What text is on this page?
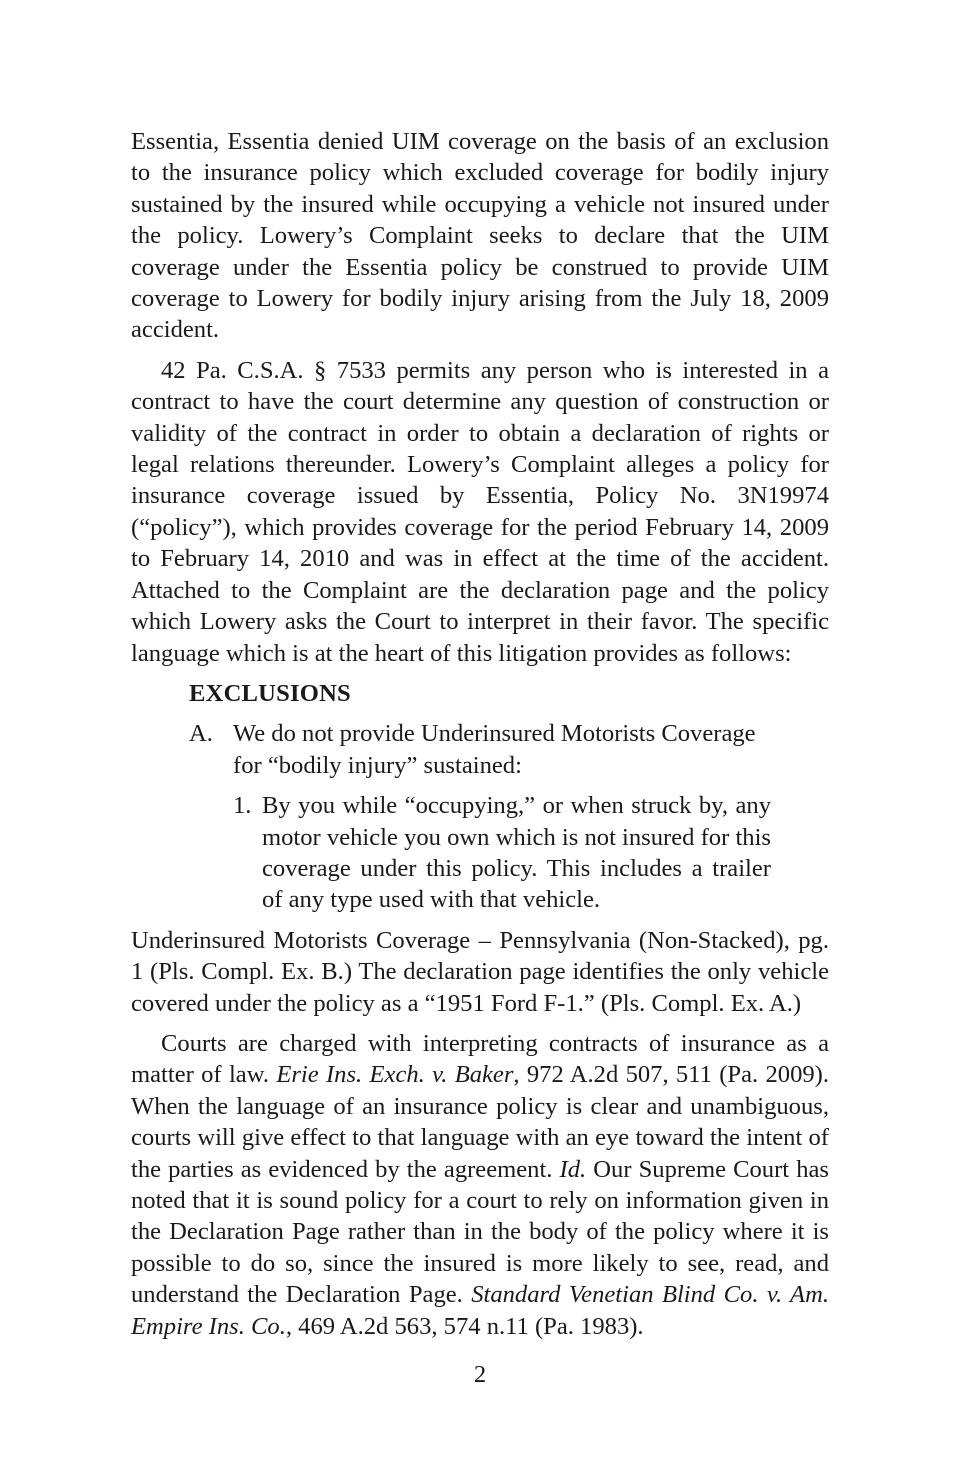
Essentia, Essentia denied UIM coverage on the basis of an exclusion to the insurance policy which excluded coverage for bodily injury sustained by the insured while occupying a vehicle not insured under the policy. Lowery’s Complaint seeks to declare that the UIM coverage under the Essentia policy be construed to provide UIM coverage to Lowery for bodily injury arising from the July 18, 2009 accident.

42 Pa. C.S.A. § 7533 permits any person who is interested in a contract to have the court determine any question of construction or validity of the contract in order to obtain a declaration of rights or legal relations thereunder. Lowery’s Complaint alleges a policy for insurance coverage issued by Essentia, Policy No. 3N19974 (“policy”), which provides coverage for the period February 14, 2009 to February 14, 2010 and was in effect at the time of the accident. Attached to the Complaint are the declaration page and the policy which Lowery asks the Court to interpret in their favor. The specific language which is at the heart of this litigation provides as follows:

EXCLUSIONS
A. We do not provide Underinsured Motorists Coverage for “bodily injury” sustained:
1. By you while “occupying,” or when struck by, any motor vehicle you own which is not insured for this coverage under this policy. This includes a trailer of any type used with that vehicle.

Underinsured Motorists Coverage – Pennsylvania (Non-Stacked), pg. 1 (Pls. Compl. Ex. B.) The declaration page identifies the only vehicle covered under the policy as a “1951 Ford F-1.” (Pls. Compl. Ex. A.)

Courts are charged with interpreting contracts of insurance as a matter of law. Erie Ins. Exch. v. Baker, 972 A.2d 507, 511 (Pa. 2009). When the language of an insurance policy is clear and unambiguous, courts will give effect to that language with an eye toward the intent of the parties as evidenced by the agreement. Id. Our Supreme Court has noted that it is sound policy for a court to rely on information given in the Declaration Page rather than in the body of the policy where it is possible to do so, since the insured is more likely to see, read, and understand the Declaration Page. Standard Venetian Blind Co. v. Am. Empire Ins. Co., 469 A.2d 563, 574 n.11 (Pa. 1983).

2
